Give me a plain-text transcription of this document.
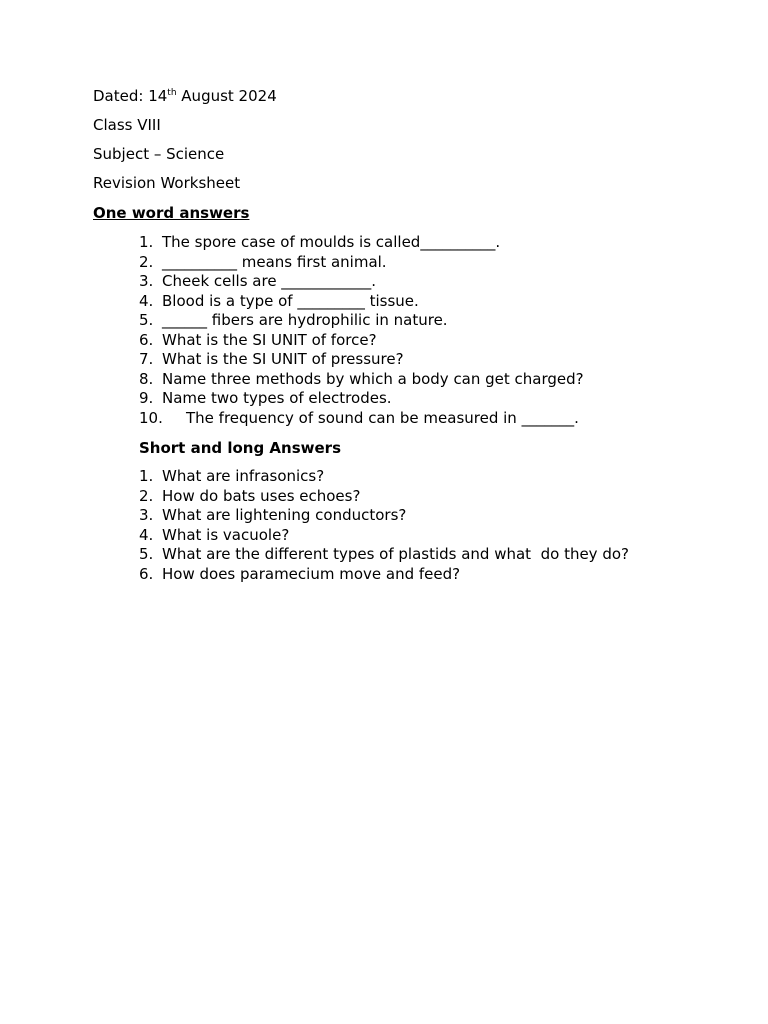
Dated: 14th August 2024
Class VIII
Subject – Science
Revision Worksheet
One word answers
1. The spore case of moulds is called__________.
2. __________ means first animal.
3. Cheek cells are ____________.
4. Blood is a type of _________ tissue.
5. ______ fibers are hydrophilic in nature.
6. What is the SI UNIT of force?
7. What is the SI UNIT of pressure?
8. Name three methods by which a body can get charged?
9. Name two types of electrodes.
10. The frequency of sound can be measured in _______.
Short and long Answers
1. What are infrasonics?
2. How do bats uses echoes?
3. What are lightening conductors?
4. What is vacuole?
5. What are the different types of plastids and what  do they do?
6. How does paramecium move and feed?
